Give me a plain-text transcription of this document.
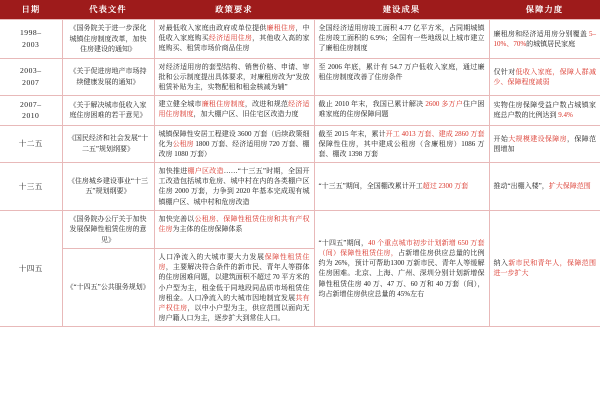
日期	代表文件	政策要求	建设成果	保障力度
1998–
2003	《国务院关于进一步深化城镇住房制度改革，加快住房建设的通知》	对最低收入家庭由政府或单位提供廉租住房，中低收入家庭购买经济适用住房，其他收入高的家庭购买、租赁市场价商品住房	全国经济适用房竣工面积 4.77 亿平方米，占同期城镇住房竣工面积的 6.9%；全国有一些地级以上城市建立了廉租住房制度	廉租房和经济适用房分别覆盖 5–10%、70%的城镇居民家庭
2003–
2007	《关于促进房地产市场持续健康发展的通知》	对经济适用房的套型结构、销售价格、申请、审批和公示制度提出具体要求，对廉租房改为“发放租赁补贴为主，实物配租和租金核减为辅”	至 2006 年底，累计有 54.7 万户低收入家庭，通过廉租住房制度改善了住房条件	仅针对低收入家庭，保障人群减少、保障程度减弱
2007–
2010	《关于解决城市低收入家庭住房困难的若干意见》	建立健全城市廉租住房制度，改进和规范经济适用住房制度，加大棚户区、旧住宅区改造力度	截止 2010 年末，我国已累计解决 2600 多万户住户困难家庭的住房保障问题	实物住房保障受益户数占城镇家庭总户数的比例达到 9.4%
十二五	《国民经济和社会发展“十二五”规划纲要》	城镇保障性安居工程建设 3600 万套（后续政策细化为公租房 1800 万套、经济适用房 720 万套、棚改房 1080 万套）	截至 2015 年末，累计开工 4013 万套、建成 2860 万套保障性住房，其中建成公租房（含廉租房）1086 万套、棚改 1398 万套	开始大规模建设保障房，保障范围增加
十三五	《住房城乡建设事业“十三五”规划纲要》	加快推进棚户区改造……“十三五”时期，全国开工改造包括城市危房、城中村在内的各类棚户区住房 2000 万套，力争到 2020 年基本完成现有城镇棚户区、城中村和危房改造	“十三五”期间，全国棚改累计开工超过 2300 万套	推动“出棚入楼”，扩大保障范围
十四五	《国务院办公厅关于加快发展保障性租赁住房的意见》	加快完善以公租房、保障性租赁住房和共有产权住房为主体的住房保障体系	“十四五”期间，40 个重点城市初步计划新增 650 万套（间）保障性租赁住房，占新增住房供应总量的比例约为 26%，预计可帮助1300 万新市民、青年人等缓解住房困难。北京、上海、广州、深圳分别计划新增保障性租赁住房 40 万、47 万、60 万和 40 万套（间），均占新增住房供应总量的 45%左右	纳入新市民和青年人，保障范围进一步扩大
	《“十四五”公共服务规划》	人口净流入的大城市要大力发展保障性租赁住房，主要解决符合条件的新市民、青年人等群体的住房困难问题，以建筑面积不超过 70 平方米的小户型为主，租金低于同地段同品质市场租赁住房租金。人口净流入的大城市因地制宜发展共有产权住房，以中小户型为主，供应范围以面向无房户籍人口为主，逐步扩大到常住人口。		
